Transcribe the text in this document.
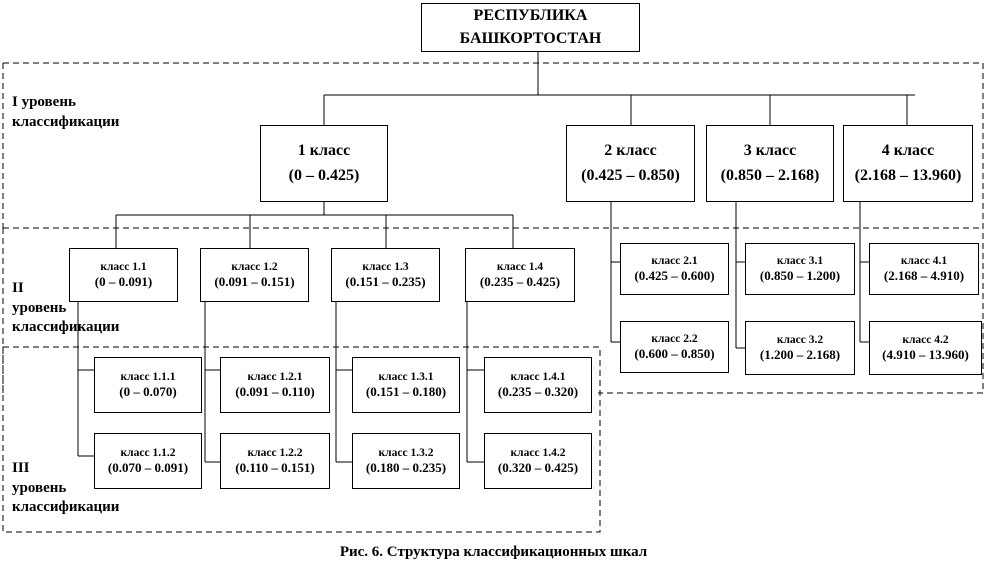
I уровень
классификации
II
уровень
классификации
III
уровень
классификации
РЕСПУБЛИКА
БАШКОРТОСТАН
1 класс
(0 – 0.425)
2 класс
(0.425 – 0.850)
3 класс
(0.850 – 2.168)
4 класс
(2.168 – 13.960)
класс 1.1
(0 – 0.091)
класс 1.2
(0.091 – 0.151)
класс 1.3
(0.151 – 0.235)
класс 1.4
(0.235 – 0.425)
класс 2.1
(0.425 – 0.600)
класс 2.2
(0.600 – 0.850)
класс 3.1
(0.850 – 1.200)
класс 3.2
(1.200 – 2.168)
класс 4.1
(2.168 – 4.910)
класс 4.2
(4.910 – 13.960)
класс 1.1.1
(0 – 0.070)
класс 1.1.2
(0.070 – 0.091)
класс 1.2.1
(0.091 – 0.110)
класс 1.2.2
(0.110 – 0.151)
класс 1.3.1
(0.151 – 0.180)
класс 1.3.2
(0.180 – 0.235)
класс 1.4.1
(0.235 – 0.320)
класс 1.4.2
(0.320 – 0.425)
Рис. 6. Структура классификационных шкал
